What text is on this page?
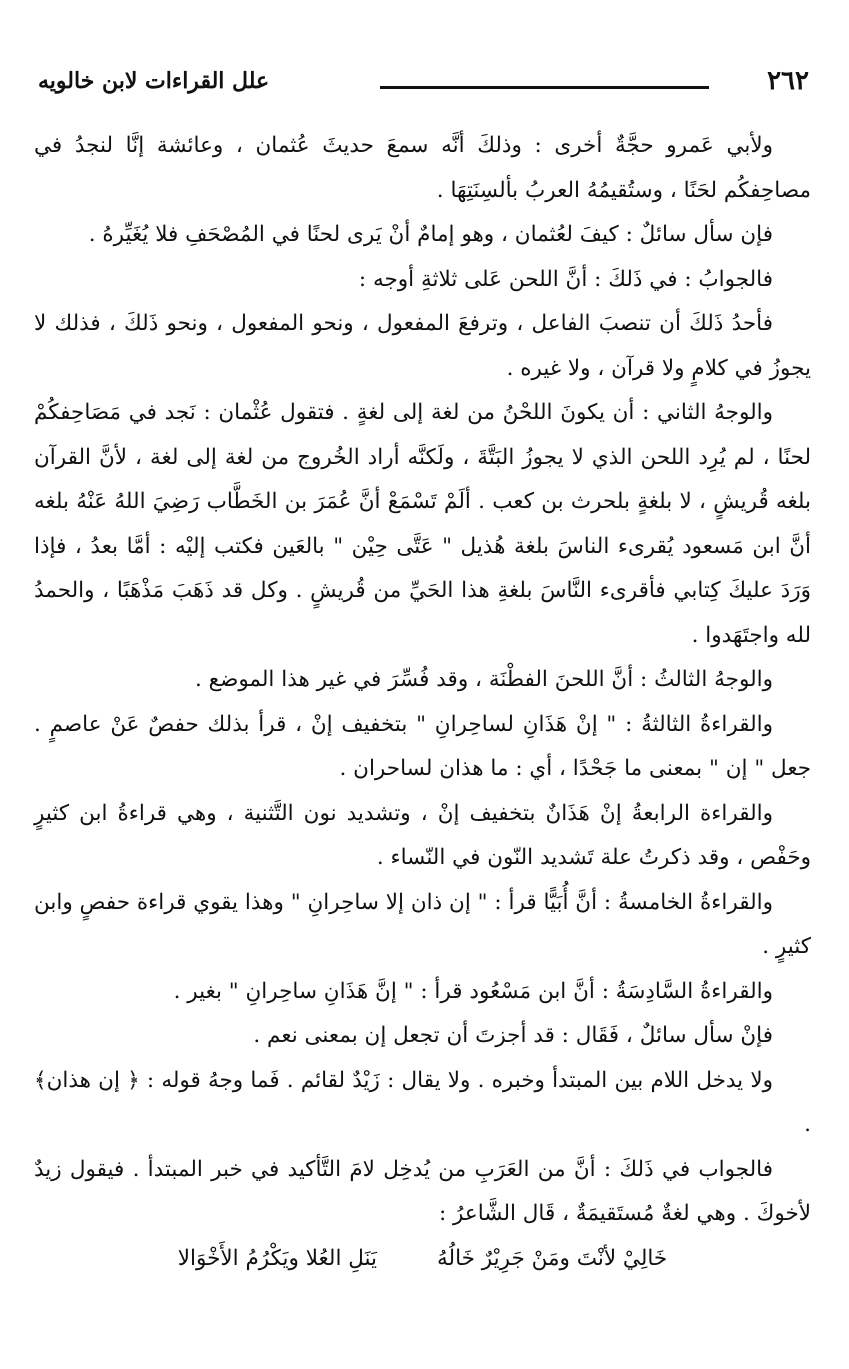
٢٦٢
علل القراءات لابن خالويه

ولأبي عَمرو حجَّةٌ أخرى : وذلكَ أنَّه سمعَ حديثَ عُثمان ، وعائشة إنَّا لنجدُ في مصاحِفكُم لحَنًا ، وستُقيمُهُ العربُ بألسِنَتِهَا .

فإن سأل سائلٌ : كيفَ لعُثمان ، وهو إمامٌ أنْ يَرى لحنًا في المُصْحَفِ فلا يُغَيِّرهُ .

فالجوابُ : في ذَلكَ : أنَّ اللحن عَلى ثلاثةِ أوجه :

فأحدُ ذَلكَ أن تنصبَ الفاعل ، وترفعَ المفعول ، ونحو المفعول ، ونحو ذَلكَ ، فذلك لا يجوزُ في كلامٍ ولا قرآن ، ولا غيره .

والوجهُ الثاني : أن يكونَ اللحْنُ من لغة إلى لغةٍ . فتقول عُثْمان : نَجد في مَصَاحِفكُمْ لحنًا ، لم يُرِد اللحن الذي لا يجوزُ البَتَّةَ ، ولَكنَّه أراد الخُروج من لغة إلى لغة ، لأنَّ القرآن بلغه قُريشٍ ، لا بلغةٍ بلحرث بن كعب . ألَمْ تَسْمَعْ أنَّ عُمَرَ بن الخَطَّاب رَضِيَ اللهُ عَنْهُ بلغه أنَّ ابن مَسعود يُقرىء الناسَ بلغة هُذيل " عَتَّى حِيْن " بالعَين فكتب إليْه : أمَّا بعدُ ، فإذا وَرَدَ عليكَ كِتابي فأقرىء النَّاسَ بلغةِ هذا الحَيِّ من قُريشٍ . وكل قد ذَهَبَ مَذْهَبًا ، والحمدُ لله واجتَهَدوا .

والوجهُ الثالثُ : أنَّ اللحنَ الفطْنَة ، وقد فُسِّرَ في غير هذا الموضع .

والقراءةُ الثالثةُ : " إنْ هَذَانِ لساحِرانِ " بتخفيف إنْ ، قرأ بذلك حفصٌ عَنْ عاصمٍ . جعل " إن " بمعنى ما جَحْدًا ، أي : ما هذان لساحران .

والقراءة الرابعةُ إنْ هَذَانٌ بتخفيف إنْ ، وتشديد نون التَّثنية ، وهي قراءةُ ابن كثيرٍ وحَفْص ، وقد ذكرتُ علة تَشديد النّون في النّساء .

والقراءةُ الخامسةُ : أنَّ أُبَيًّا قرأ : " إن ذان إلا ساحِرانِ " وهذا يقوي قراءة حفصٍ وابن كثيرٍ .

والقراءةُ السَّادِسَةُ : أنَّ ابن مَسْعُود قرأ : " إنَّ هَذَانِ ساحِرانِ " بغير .

فإنْ سأل سائلٌ ، فَقَال : قد أجزتَ أن تجعل إن بمعنى نعم .

ولا يدخل اللام بين المبتدأ وخبره . ولا يقال : زَيْدٌ لقائم . فَما وجهُ قوله : ﴿ إن هذان﴾ .

فالجواب في ذَلكَ : أنَّ من العَرَبِ من يُدخِل لامَ التَّأكيد في خبر المبتدأ . فيقول زيدٌ لأخوكَ . وهي لغةٌ مُستَقيمَةٌ ، قَال الشَّاعرُ :

خَالِيْ لأنْتَ ومَنْ جَرِيْرٌ خَالُهُ
يَنَلِ العُلا ويَكْرُمُ الأَخْوَالا
